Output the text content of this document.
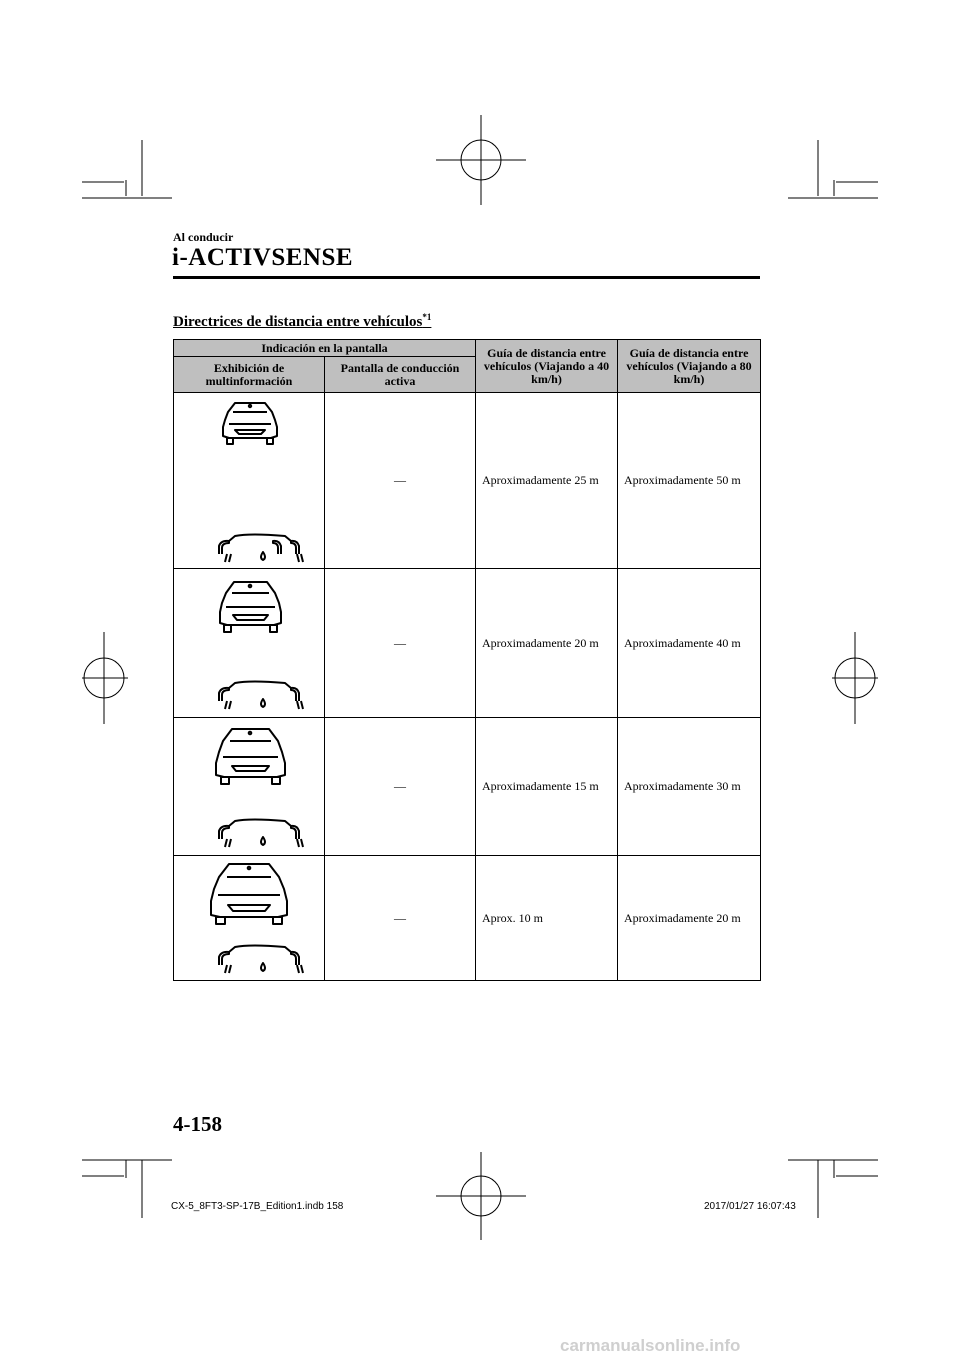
Al conducir
i-ACTIVSENSE
Directrices de distancia entre vehículos$^{*1}$
Indicación en la pantalla		Guía de distancia entre vehículos (Viajando a 40 km/h)	Guía de distancia entre vehículos (Viajando a 80 km/h)
Exhibición de multinformación	Pantalla de conducción activa		

	—	Aproximadamente 25 m	Aproximadamente 50 m

	—	Aproximadamente 20 m	Aproximadamente 40 m

	—	Aproximadamente 15 m	Aproximadamente 30 m

	—	Aprox. 10 m	Aproximadamente 20 m
4-158
CX-5_8FT3-SP-17B_Edition1.indb 158	2017/01/27 16:07:43
carmanualsonline.info
